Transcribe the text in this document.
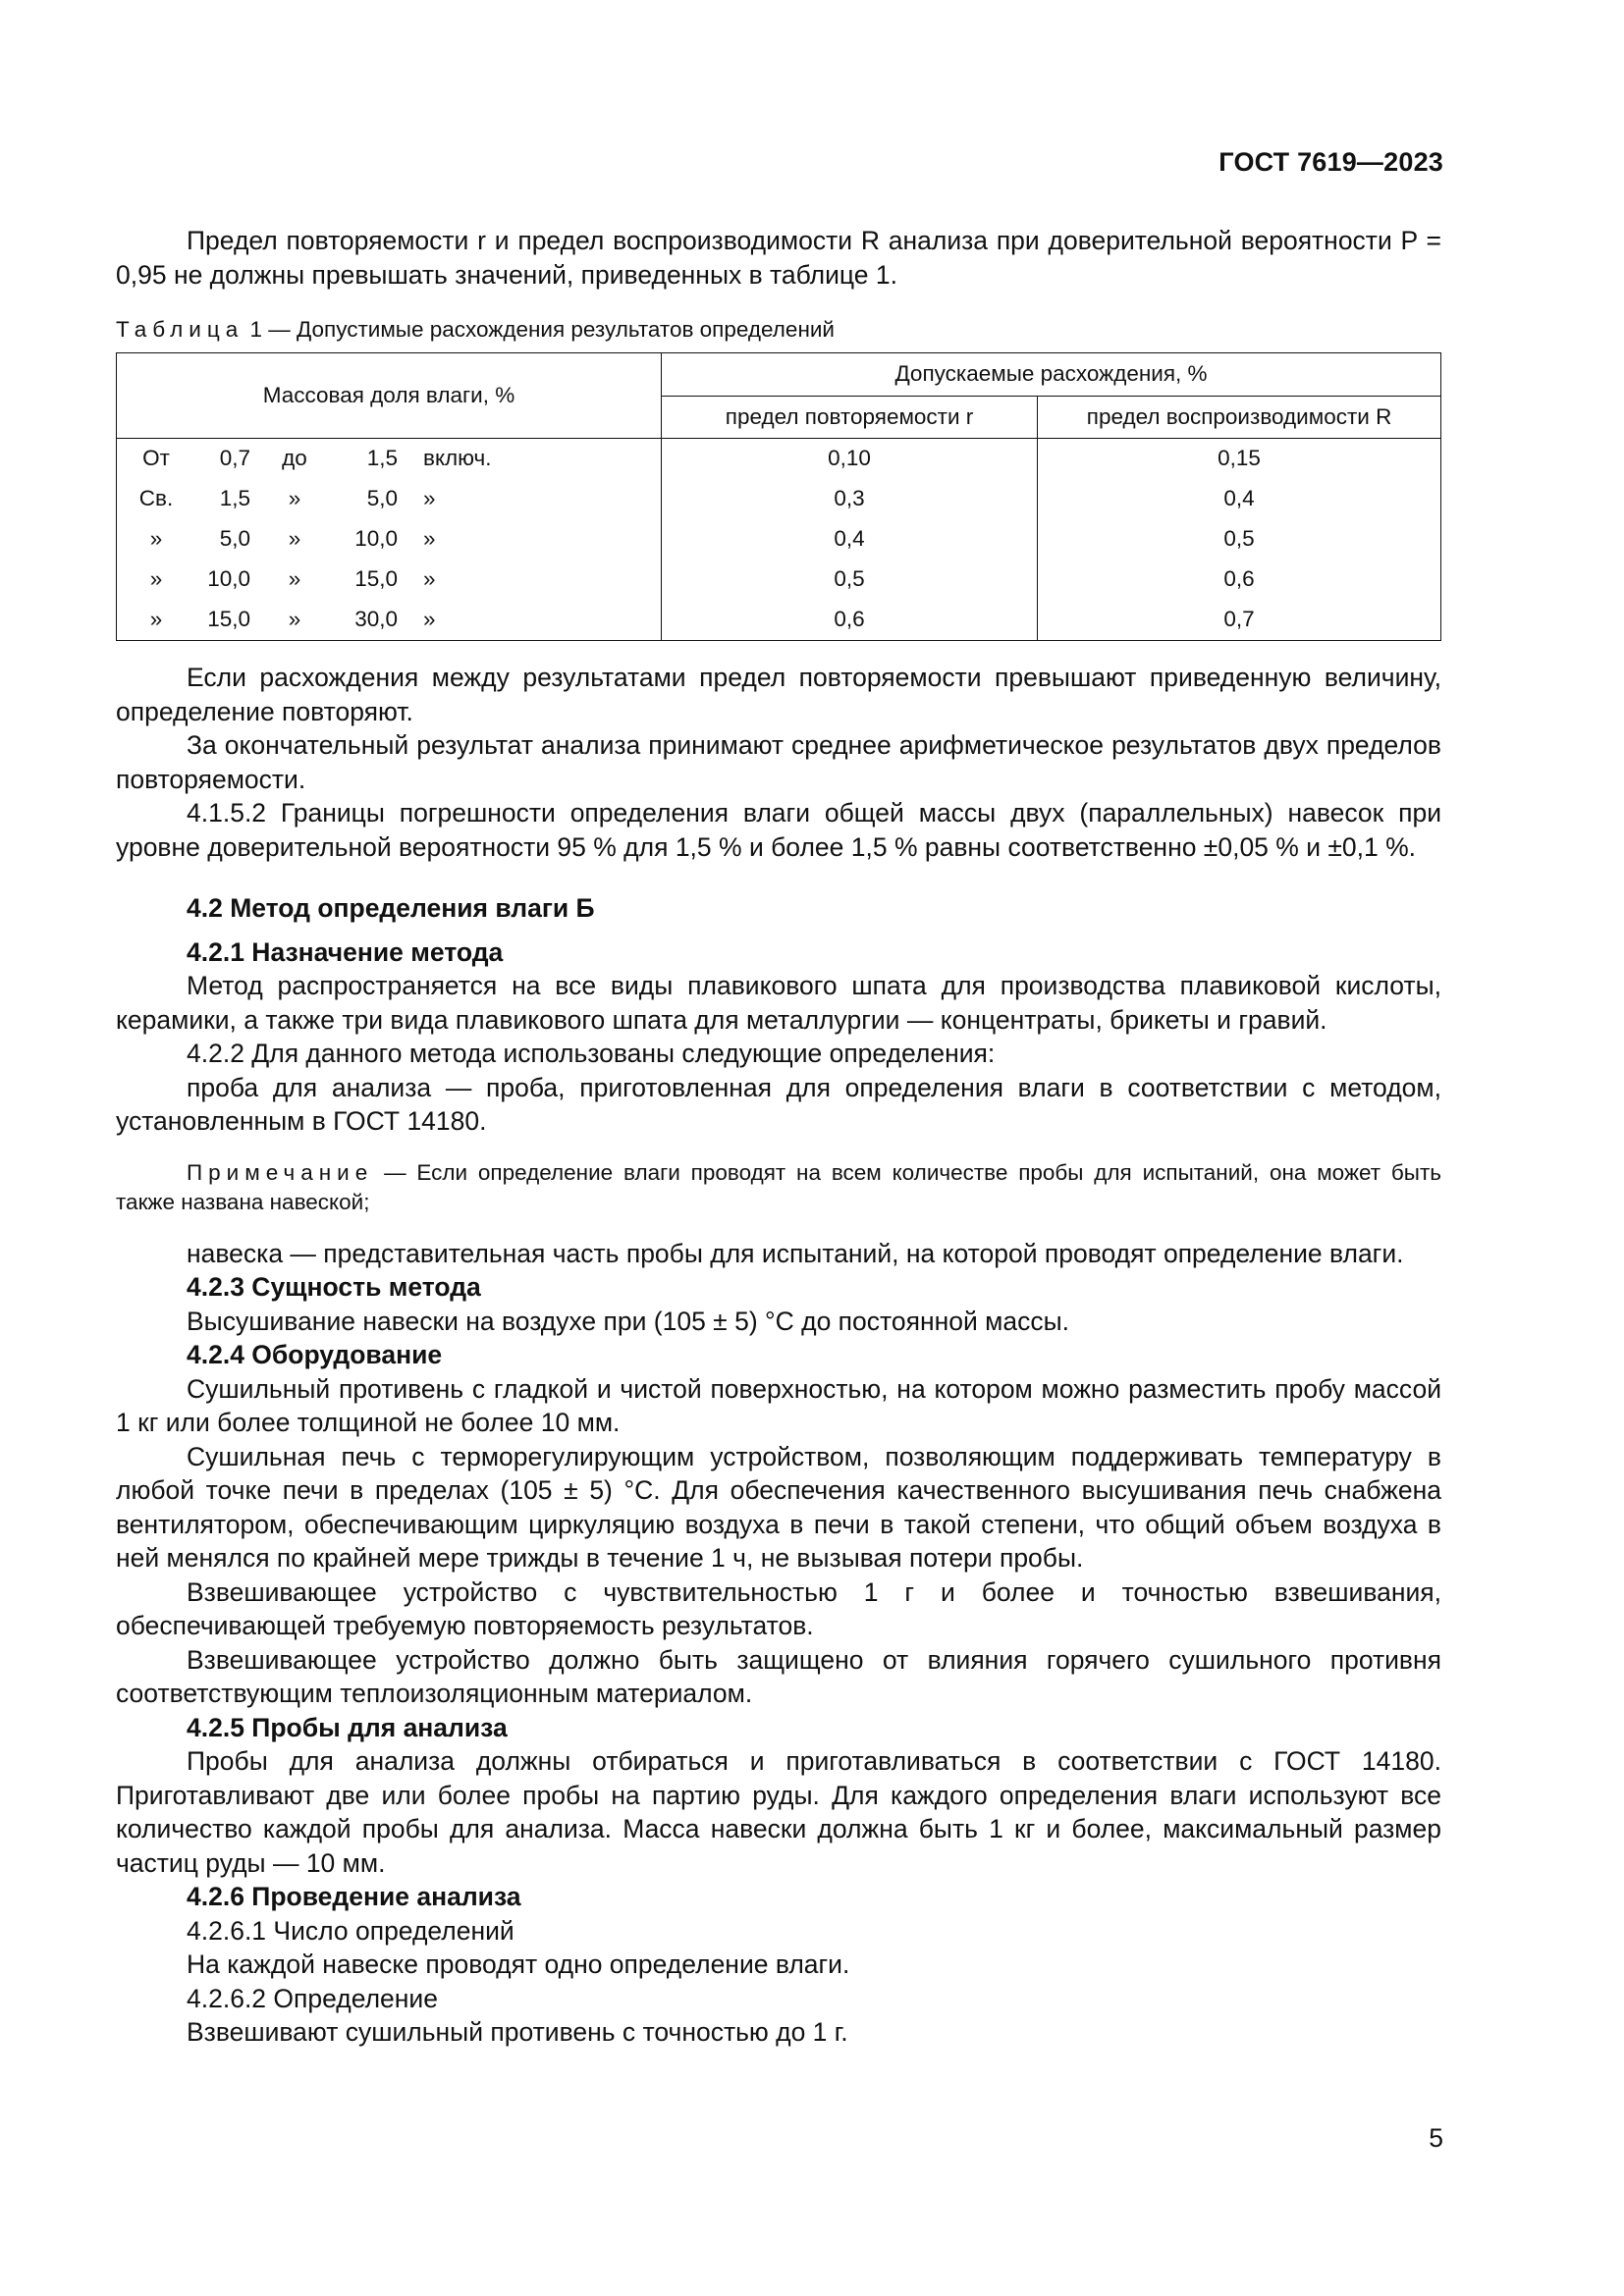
ГОСТ 7619—2023

Предел повторяемости r и предел воспроизводимости R анализа при доверительной вероятности P = 0,95 не должны превышать значений, приведенных в таблице 1.

Таблица 1 — Допустимые расхождения результатов определений
Массовая доля влаги, %	Допускаемые расхождения, %	
	предел повторяемости r	предел воспроизводимости R

От 0,7 до 1,5 включ.	0,10	0,15

Св. 1,5 » 5,0 »	0,3	0,4

» 5,0 » 10,0 »	0,4	0,5

» 10,0 » 15,0 »	0,5	0,6

» 15,0 » 30,0 »	0,6	0,7

Если расхождения между результатами предел повторяемости превышают приведенную величину, определение повторяют.

За окончательный результат анализа принимают среднее арифметическое результатов двух пределов повторяемости.

4.1.5.2 Границы погрешности определения влаги общей массы двух (параллельных) навесок при уровне доверительной вероятности 95 % для 1,5 % и более 1,5 % равны соответственно ±0,05 % и ±0,1 %.

4.2 Метод определения влаги Б

4.2.1 Назначение метода

Метод распространяется на все виды плавикового шпата для производства плавиковой кислоты, керамики, а также три вида плавикового шпата для металлургии — концентраты, брикеты и гравий.

4.2.2 Для данного метода использованы следующие определения:

проба для анализа — проба, приготовленная для определения влаги в соответствии с методом, установленным в ГОСТ 14180.

Примечание — Если определение влаги проводят на всем количестве пробы для испытаний, она может быть также названа навеской;

навеска — представительная часть пробы для испытаний, на которой проводят определение влаги.

4.2.3 Сущность метода

Высушивание навески на воздухе при (105 ± 5) °С до постоянной массы.

4.2.4 Оборудование

Сушильный противень с гладкой и чистой поверхностью, на котором можно разместить пробу массой 1 кг или более толщиной не более 10 мм.

Сушильная печь с терморегулирующим устройством, позволяющим поддерживать температуру в любой точке печи в пределах (105 ± 5) °С. Для обеспечения качественного высушивания печь снабжена вентилятором, обеспечивающим циркуляцию воздуха в печи в такой степени, что общий объем воздуха в ней менялся по крайней мере трижды в течение 1 ч, не вызывая потери пробы.

Взвешивающее устройство с чувствительностью 1 г и более и точностью взвешивания, обеспечивающей требуемую повторяемость результатов.

Взвешивающее устройство должно быть защищено от влияния горячего сушильного противня соответствующим теплоизоляционным материалом.

4.2.5 Пробы для анализа

Пробы для анализа должны отбираться и приготавливаться в соответствии с ГОСТ 14180. Приготавливают две или более пробы на партию руды. Для каждого определения влаги используют все количество каждой пробы для анализа. Масса навески должна быть 1 кг и более, максимальный размер частиц руды — 10 мм.

4.2.6 Проведение анализа

4.2.6.1 Число определений

На каждой навеске проводят одно определение влаги.

4.2.6.2 Определение

Взвешивают сушильный противень с точностью до 1 г.

5
